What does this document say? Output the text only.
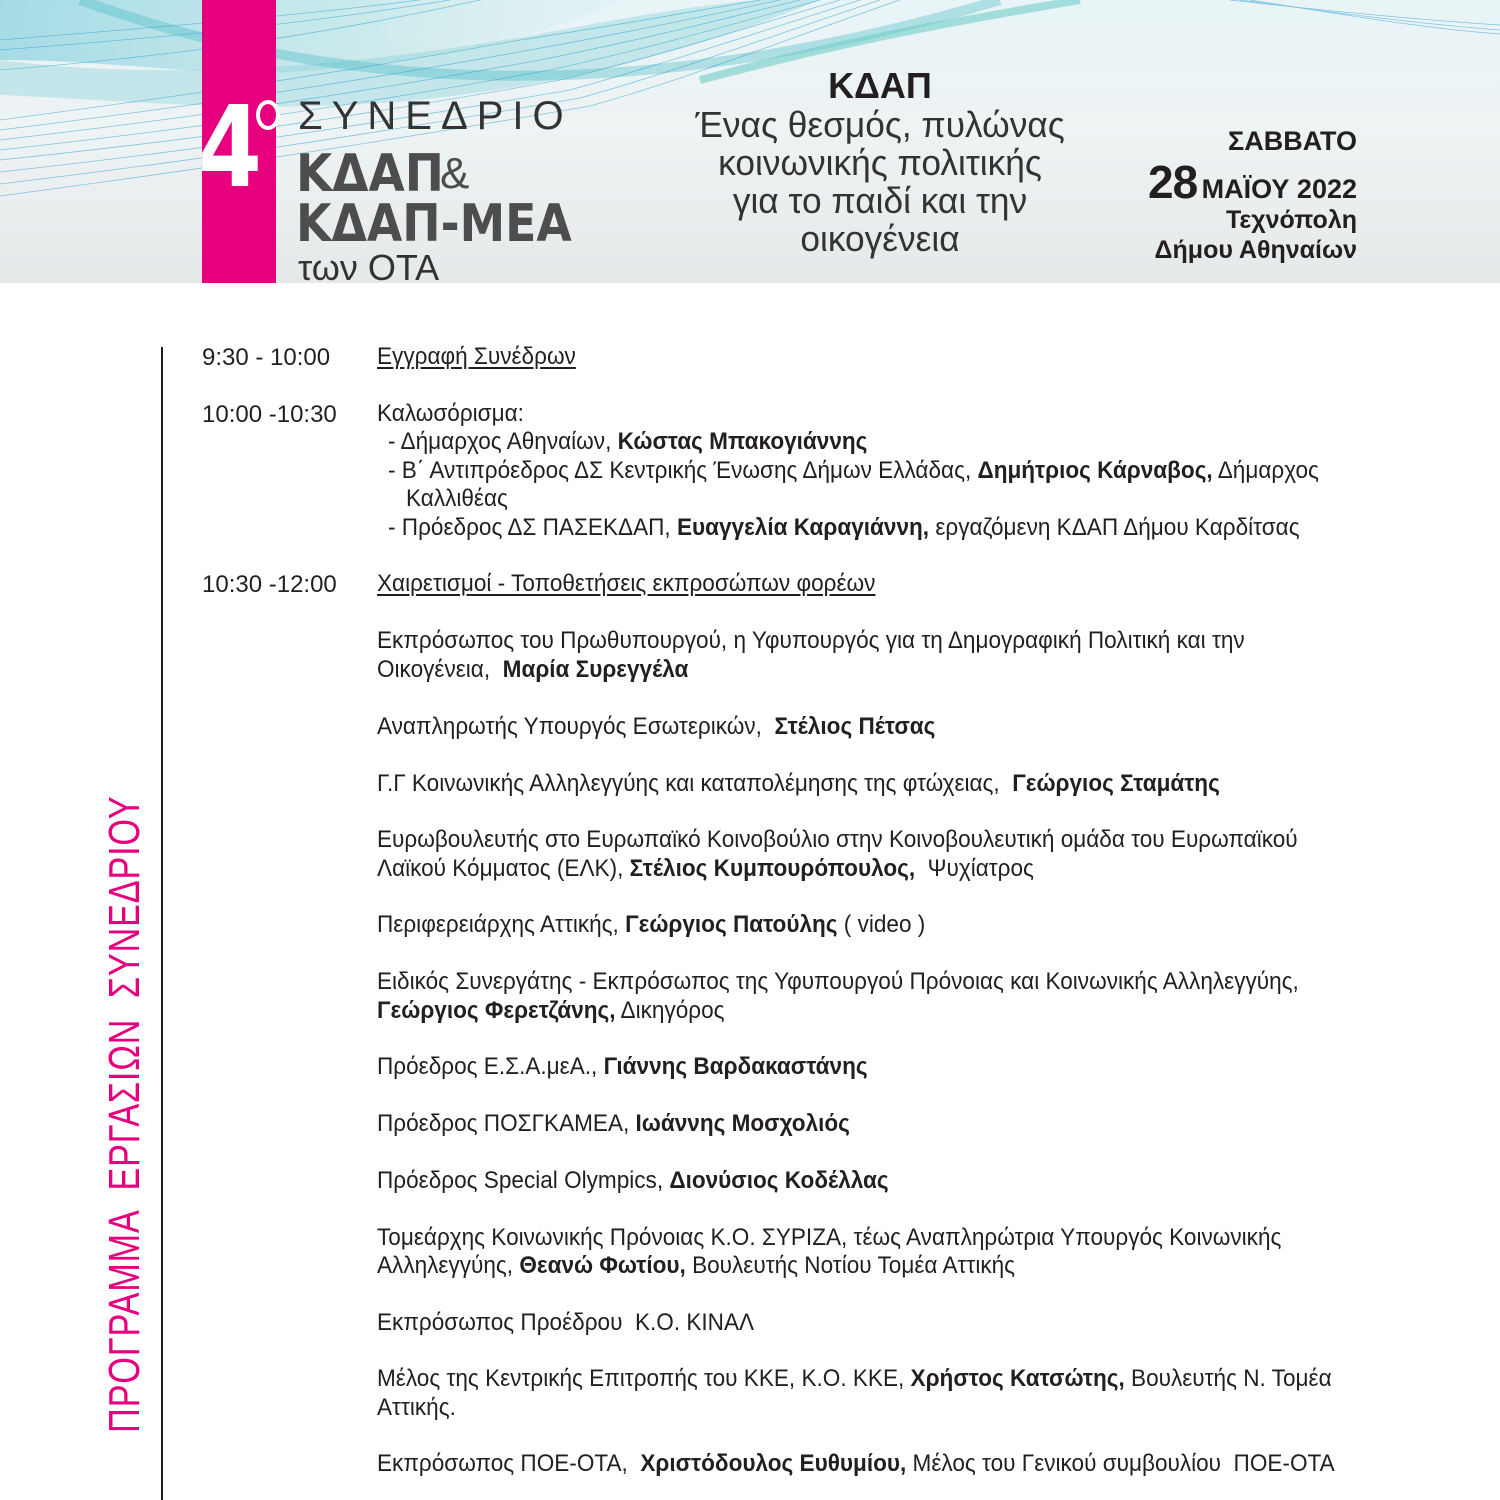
4 ΣΥΝΕΔΡΙΟ
ΚΔΑΠ
&
ΚΔΑΠ-ΜΕΑ
των ΟΤΑ
ΚΔΑΠ
Ένας θεσμός, πυλώνας
κοινωνικής πολιτικής
για το παιδί και την
οικογένεια
ΣΑΒΒΑΤΟ
28 ΜΑΪΟΥ 2022
Τεχνόπολη
Δήμου Αθηναίων
ΠΡΟΓΡΑΜΜΑ  ΕΡΓΑΣΙΩΝ  ΣΥΝΕΔΡΙΟΥ
9:30 - 10:00 Εγγραφή Συνέδρων
10:00 -10:30 Καλωσόρισμα:
- Δήμαρχος Αθηναίων, Κώστας Μπακογιάννης
- Β΄ Αντιπρόεδρος ΔΣ Κεντρικής Ένωσης Δήμων Ελλάδας, Δημήτριος Κάρναβος, Δήμαρχος
Καλλιθέας
- Πρόεδρος ΔΣ ΠΑΣΕΚΔΑΠ, Ευαγγελία Καραγιάννη, εργαζόμενη ΚΔΑΠ Δήμου Καρδίτσας
10:30 -12:00 Χαιρετισμοί - Τοποθετήσεις εκπροσώπων φορέων
Εκπρόσωπος του Πρωθυπουργού, η Υφυπουργός για τη Δημογραφική Πολιτική και την
Οικογένεια,  Μαρία Συρεγγέλα
Αναπληρωτής Υπουργός Εσωτερικών,  Στέλιος Πέτσας
Γ.Γ Κοινωνικής Αλληλεγγύης και καταπολέμησης της φτώχειας,  Γεώργιος Σταμάτης
Ευρωβουλευτής στο Ευρωπαϊκό Κοινοβούλιο στην Κοινοβουλευτική ομάδα του Ευρωπαϊκού
Λαϊκού Κόμματος (ΕΛΚ), Στέλιος Κυμπουρόπουλος,  Ψυχίατρος
Περιφερειάρχης Αττικής, Γεώργιος Πατούλης ( video )
Ειδικός Συνεργάτης - Εκπρόσωπος της Υφυπουργού Πρόνοιας και Κοινωνικής Αλληλεγγύης,
Γεώργιος Φερετζάνης, Δικηγόρος
Πρόεδρος Ε.Σ.Α.μεΑ., Γιάννης Βαρδακαστάνης
Πρόεδρος ΠΟΣΓΚΑΜΕΑ, Ιωάννης Μοσχολιός
Πρόεδρος Special Olympics, Διονύσιος Κοδέλλας
Τομεάρχης Κοινωνικής Πρόνοιας Κ.Ο. ΣΥΡΙΖΑ, τέως Αναπληρώτρια Υπουργός Κοινωνικής
Αλληλεγγύης, Θεανώ Φωτίου, Βουλευτής Νοτίου Τομέα Αττικής
Εκπρόσωπος Προέδρου  Κ.Ο. ΚΙΝΑΛ
Μέλος της Κεντρικής Επιτροπής του ΚΚΕ, Κ.Ο. ΚΚΕ, Χρήστος Κατσώτης, Βουλευτής Ν. Τομέα
Αττικής.
Εκπρόσωπος ΠΟΕ-ΟΤΑ,  Χριστόδουλος Ευθυμίου, Μέλος του Γενικού συμβουλίου  ΠΟΕ-ΟΤΑ
